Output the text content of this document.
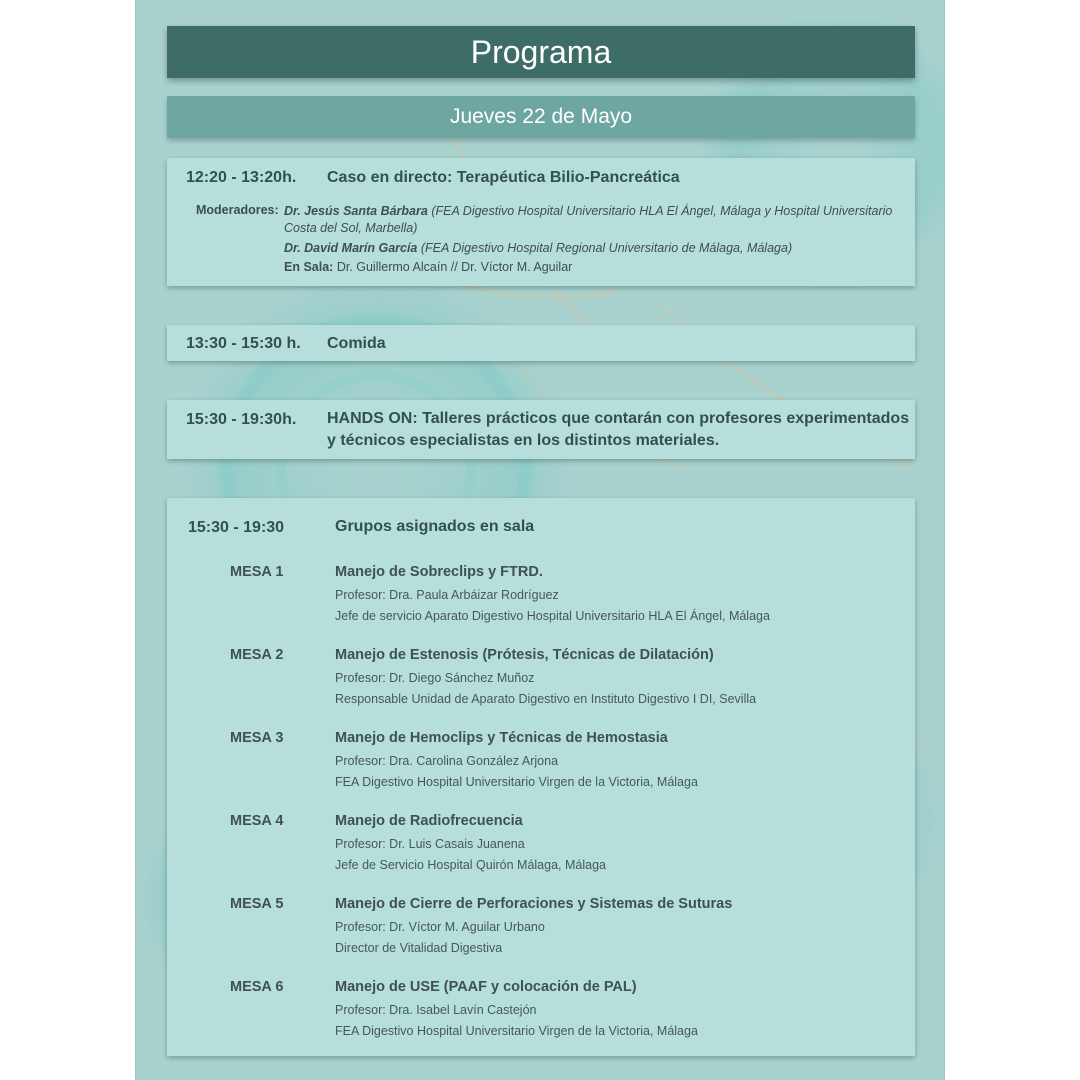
Programa
Jueves 22 de Mayo
12:20 - 13:20h. Caso en directo: Terapéutica Bilio-Pancreática
Moderadores: Dr. Jesús Santa Bárbara (FEA Digestivo Hospital Universitario HLA El Ángel, Málaga y Hospital Universitario Costa del Sol, Marbella)
Dr. David Marín García (FEA Digestivo Hospital Regional Universitario de Málaga, Málaga)
En Sala: Dr. Guillermo Alcaín // Dr. Víctor M. Aguilar
13:30 - 15:30 h. Comida
15:30 - 19:30h. HANDS ON: Talleres prácticos que contarán con profesores experimentados
y técnicos especialistas en los distintos materiales.
15:30 - 19:30	Grupos asignados en sala
MESA 1	Manejo de Sobreclips y FTRD.
Profesor: Dra. Paula Arbáizar Rodríguez
Jefe de servicio Aparato Digestivo Hospital Universitario HLA El Ángel, Málaga
MESA 2	Manejo de Estenosis (Prótesis, Técnicas de Dilatación)
Profesor: Dr. Diego Sánchez Muñoz
Responsable Unidad de Aparato Digestivo en Instituto Digestivo I DI, Sevilla
MESA 3	Manejo de Hemoclips y Técnicas de Hemostasia
Profesor: Dra. Carolina González Arjona
FEA Digestivo Hospital Universitario Virgen de la Victoria, Málaga
MESA 4	Manejo de Radiofrecuencia
Profesor: Dr. Luis Casais Juanena
Jefe de Servicio Hospital Quirón Málaga, Málaga
MESA 5	Manejo de Cierre de Perforaciones y Sistemas de Suturas
Profesor: Dr. Víctor M. Aguilar Urbano
Director de Vitalidad Digestiva
MESA 6	Manejo de USE (PAAF y colocación de PAL)
Profesor: Dra. Isabel Lavín Castejón
FEA Digestivo Hospital Universitario Virgen de la Victoria, Málaga
